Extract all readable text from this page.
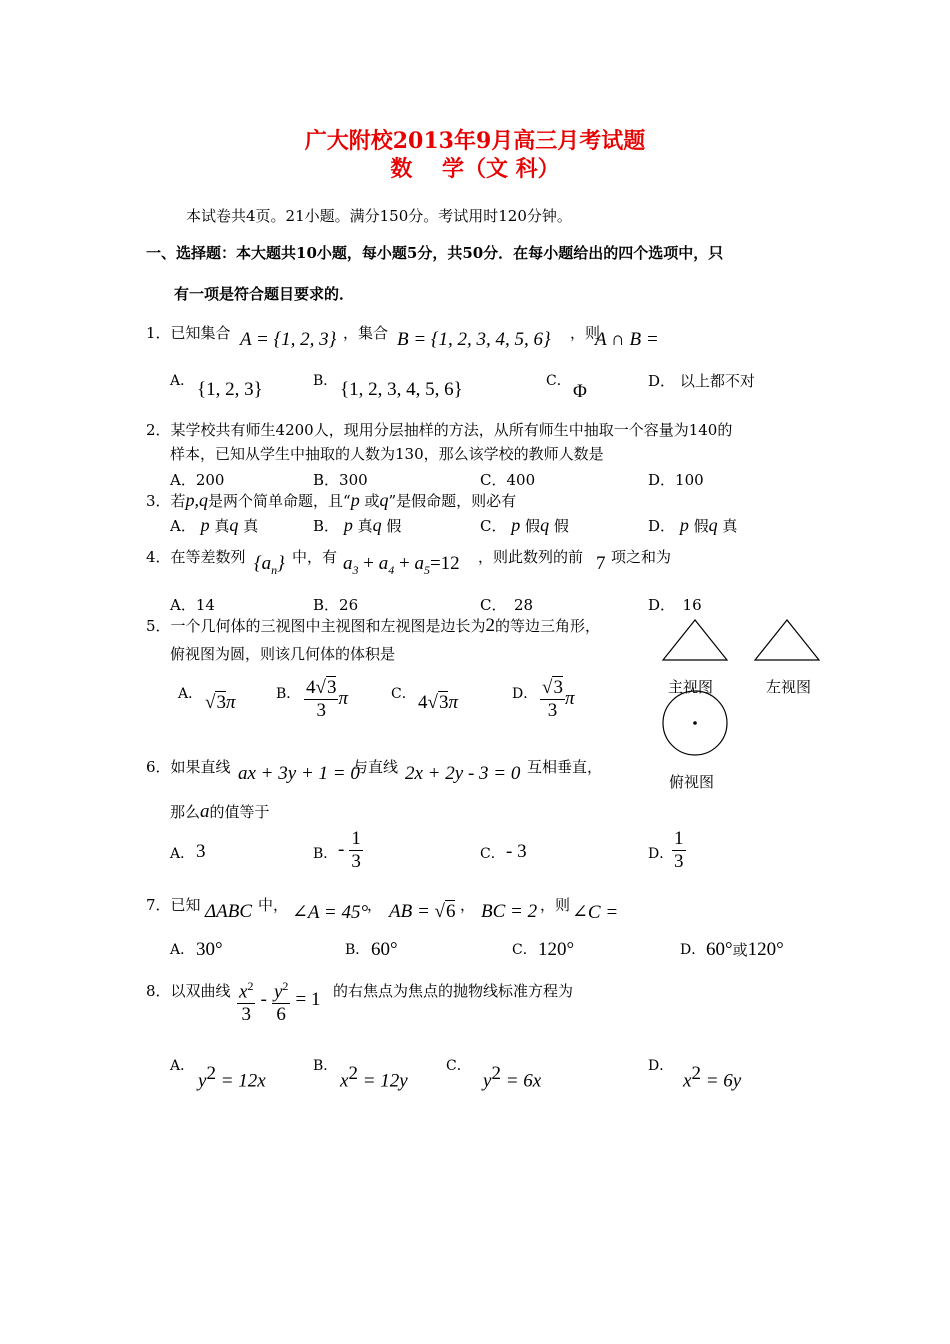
广大附校2013年9月高三月考试题
数　 学（文 科）
本试卷共4页。21小题。满分150分。考试用时120分钟。
一、选择题：本大题共10小题，每小题5分，共50分．在每小题给出的四个选项中，只
有一项是符合题目要求的．
1．已知集合 A = {1, 2, 3} ，集合 B = {1, 2, 3, 4, 5, 6} ，则
A ∩ B =
A． {1, 2, 3}	B． {1, 2, 3, 4, 5, 6}	C． Φ	D． 以上都不对
2．某学校共有师生4200人，现用分层抽样的方法，从所有师生中抽取一个容量为140的
样本，已知从学生中抽取的人数为130，那么该学校的教师人数是
A．200	B．300	C．400	D．100
3．若p,q是两个简单命题，且“p 或q”是假命题，则必有
A． p 真q 真	B． p 真q 假	C． p 假q 假	D． p 假q 真
4．在等差数列 $\{a_n\}$ 中，有 $a_3 + a_4 + a_5=12$ ，则此数列的前 7 项之和为
A．14	B．26	C．　28	D．　16
5．一个几何体的三视图中主视图和左视图是边长为2的等边三角形，
俯视图为圆，则该几何体的体积是
A． √3π	B． $\frac{4√3}{3}$ π	C． 4√3π	D． $\frac{√3}{3}$ π
主视图	左视图
俯视图
6．如果直线 ax + 3y + 1 = 0
与直线 2x + 2y - 3 = 0 互相垂直，
那么a的值等于
A． 3	B． - $\frac{1}{3}$	C． - 3	D．
$\frac{1}{3}$
7．已知 ΔABC 中， ∠A = 45°
， AB = √6 ， BC = 2 ，则 ∠C =
A． 30°	B． 60°	C． 120°	D． 60°或120°
8．以双曲线 $\frac{x^2}{3} - \frac{y^2}{6} = 1$ 的右焦点为焦点的抛物线标准方程为
A．
$y^2 = 12x$
B．
$x^2 = 12y$
C．
$y^2 = 6x$
D．
$x^2 = 6y$
